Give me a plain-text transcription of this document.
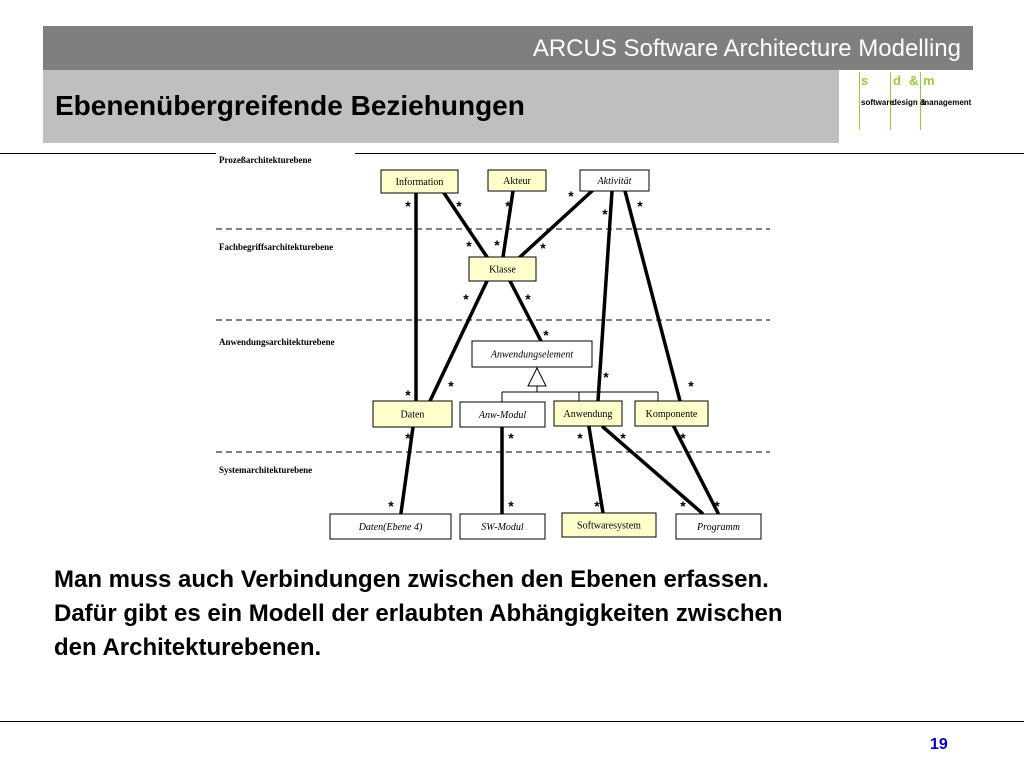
ARCUS Software Architecture Modelling
Ebenenübergreifende Beziehungen
s d & m
software
design &
management
Prozeßarchitekturebene
Fachbegriffsarchitekturebene
Anwendungsarchitekturebene
Systemarchitekturebene
Information	Akteur	Aktivität
Klasse
Anwendungselement
Daten	Anw-Modul	Anwendung	Komponente
Daten(Ebene 4)	SW-Modul	Softwaresystem	Programm
*	*	*
*
* *
* *	*
*	*
*
*
*
*
*
*	*	*	*	*
*	*	*	* *
Man muss auch Verbindungen zwischen den Ebenen erfassen.
Dafür gibt es ein Modell der erlaubten Abhängigkeiten zwischen
den Architekturebenen.
19
